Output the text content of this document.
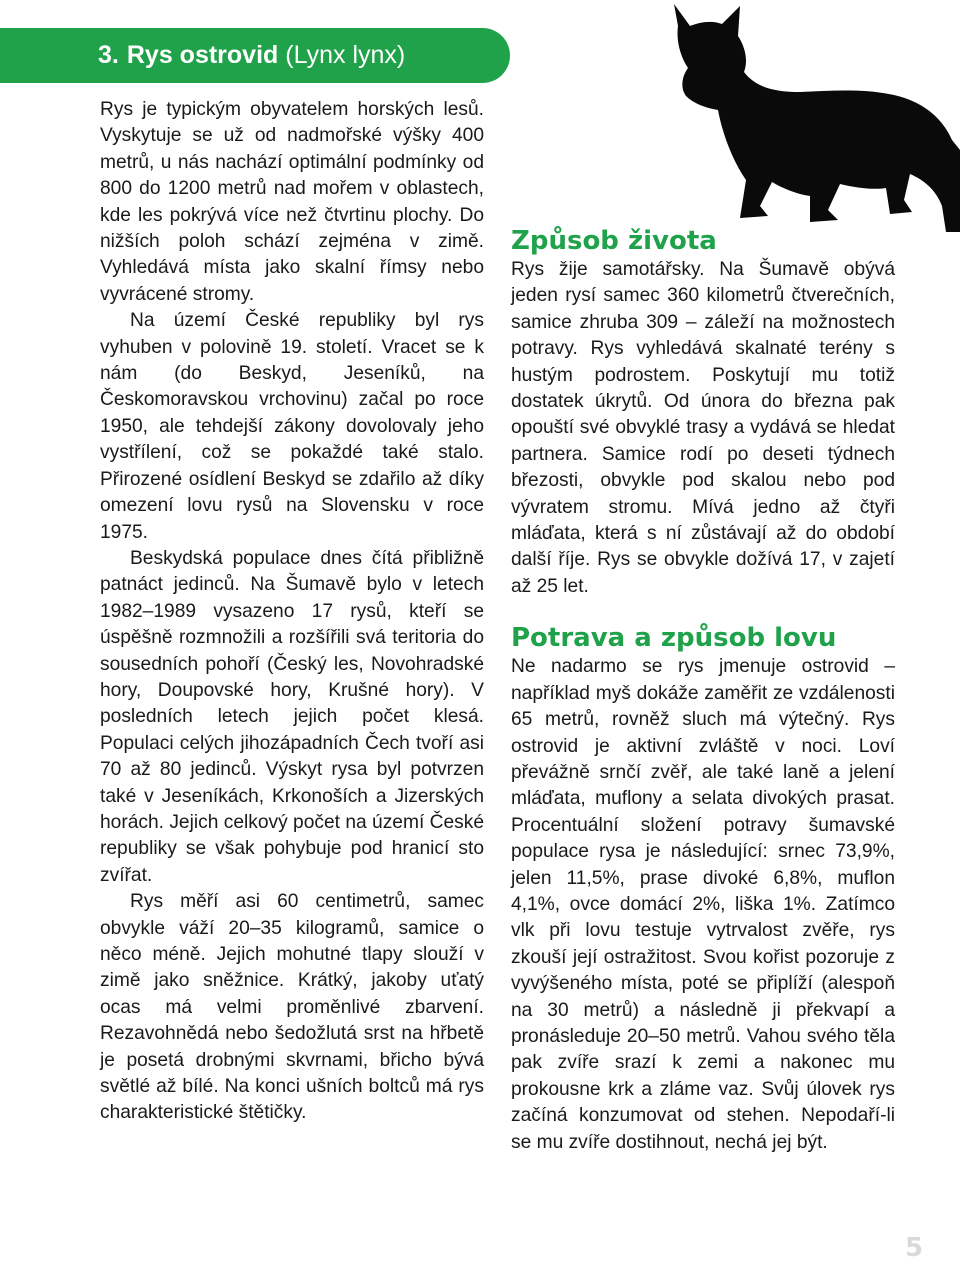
3. Rys ostrovid (Lynx lynx)

Rys je typickým obyvatelem horských lesů. Vyskytuje se už od nadmořské výšky 400 metrů, u nás nachází optimální podmínky od 800 do 1200 metrů nad mořem v oblastech, kde les pokrývá více než čtvrtinu plochy. Do nižších poloh schází zejména v zimě. Vyhledává místa jako skalní římsy nebo vyvrácené stromy.

Na území České republiky byl rys vyhuben v polovině 19. století. Vracet se k nám (do Beskyd, Jeseníků, na Českomoravskou vrchovinu) začal po roce 1950, ale tehdejší zákony dovolovaly jeho vystřílení, což se pokaždé také stalo. Přirozené osídlení Beskyd se zdařilo až díky omezení lovu rysů na Slovensku v roce 1975.

Beskydská populace dnes čítá přibližně patnáct jedinců. Na Šumavě bylo v letech 1982–1989 vysazeno 17 rysů, kteří se úspěšně rozmnožili a rozšířili svá teritoria do sousedních pohoří (Český les, Novohradské hory, Doupovské hory, Krušné hory). V posledních letech jejich počet klesá. Populaci celých jihozápadních Čech tvoří asi 70 až 80 jedinců. Výskyt rysa byl potvrzen také v Jeseníkách, Krkonoších a Jizerských horách. Jejich celkový počet na území České republiky se však pohybuje pod hranicí sto zvířat.

Rys měří asi 60 centimetrů, samec obvykle váží 20–35 kilogramů, samice o něco méně. Jejich mohutné tlapy slouží v zimě jako sněžnice. Krátký, jakoby uťatý ocas má velmi proměnlivé zbarvení. Rezavohnědá nebo šedožlutá srst na hřbetě je posetá drobnými skvrnami, břicho bývá světlé až bílé. Na konci ušních boltců má rys charakteristické štětičky.

Způsob života

Rys žije samotářsky. Na Šumavě obývá jeden rysí samec 360 kilometrů čtverečních, samice zhruba 309 – záleží na možnostech potravy. Rys vyhledává skalnaté terény s hustým podrostem. Poskytují mu totiž dostatek úkrytů. Od února do března pak opouští své obvyklé trasy a vydává se hledat partnera. Samice rodí po deseti týdnech březosti, obvykle pod skalou nebo pod vývratem stromu. Mívá jedno až čtyři mláďata, která s ní zůstávají až do období další říje. Rys se obvykle dožívá 17, v zajetí až 25 let.

Potrava a způsob lovu

Ne nadarmo se rys jmenuje ostrovid – například myš dokáže zaměřit ze vzdálenosti 65 metrů, rovněž sluch má výtečný. Rys ostrovid je aktivní zvláště v noci. Loví převážně srnčí zvěř, ale také laně a jelení mláďata, muflony a selata divokých prasat. Procentuální složení potravy šumavské populace rysa je následující: srnec 73,9%, jelen 11,5%, prase divoké 6,8%, muflon 4,1%, ovce domácí 2%, liška 1%. Zatímco vlk při lovu testuje vytrvalost zvěře, rys zkouší její ostražitost. Svou kořist pozoruje z vyvýšeného místa, poté se připlíží (alespoň na 30 metrů) a následně ji překvapí a pronásleduje 20–50 metrů. Vahou svého těla pak zvíře srazí k zemi a nakonec mu prokousne krk a zláme vaz. Svůj úlovek rys začíná konzumovat od stehen. Nepodaří-li se mu zvíře dostihnout, nechá jej být.

5
